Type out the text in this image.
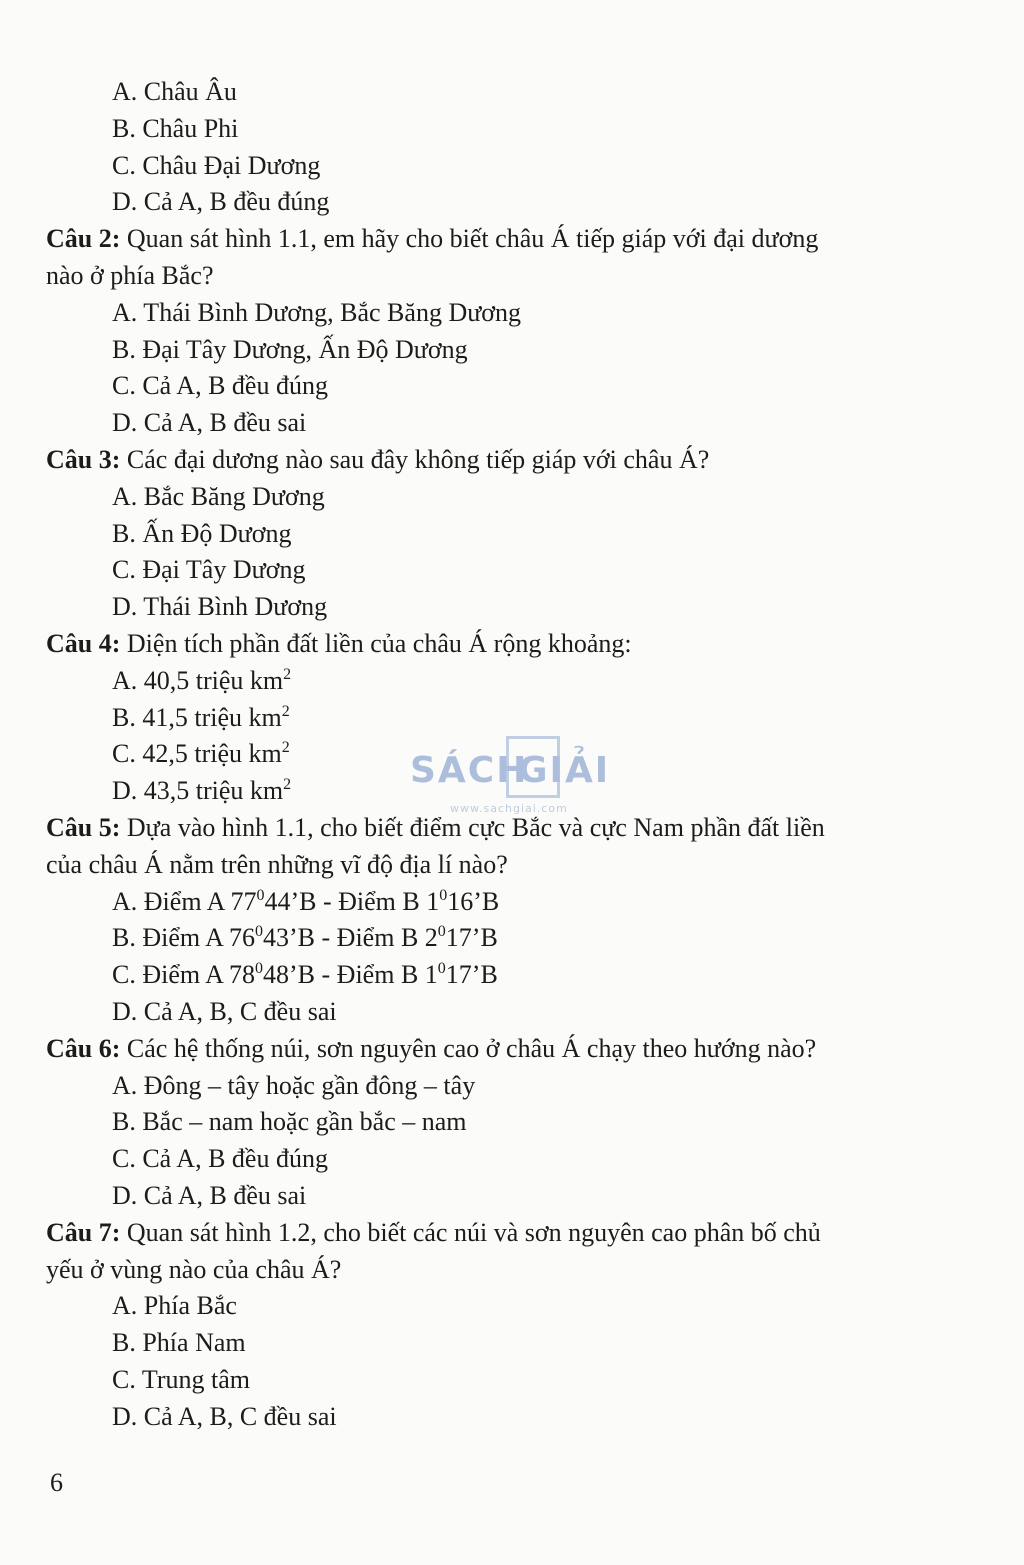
A. Châu Âu
B. Châu Phi
C. Châu Đại Dương
D. Cả A, B đều đúng
Câu 2: Quan sát hình 1.1, em hãy cho biết châu Á tiếp giáp với đại dương
nào ở phía Bắc?
A. Thái Bình Dương, Bắc Băng Dương
B. Đại Tây Dương, Ấn Độ Dương
C. Cả A, B đều đúng
D. Cả A, B đều sai
Câu 3: Các đại dương nào sau đây không tiếp giáp với châu Á?
A. Bắc Băng Dương
B. Ấn Độ Dương
C. Đại Tây Dương
D. Thái Bình Dương
Câu 4: Diện tích phần đất liền của châu Á rộng khoảng:
A. 40,5 triệu $km^2$
B. 41,5 triệu $km^2$
C. 42,5 triệu $km^2$
D. 43,5 triệu $km^2$
Câu 5: Dựa vào hình 1.1, cho biết điểm cực Bắc và cực Nam phần đất liền
của châu Á nằm trên những vĩ độ địa lí nào?
A. Điểm A $77^044’B$ - Điểm B $1^016’B$
B. Điểm A $76^043’B$ - Điểm B $2^017’B$
C. Điểm A $78^048’B$ - Điểm B $1^017’B$
D. Cả A, B, C đều sai
Câu 6: Các hệ thống núi, sơn nguyên cao ở châu Á chạy theo hướng nào?
A. Đông – tây hoặc gần đông – tây
B. Bắc – nam hoặc gần bắc – nam
C. Cả A, B đều đúng
D. Cả A, B đều sai
Câu 7: Quan sát hình 1.2, cho biết các núi và sơn nguyên cao phân bố chủ
yếu ở vùng nào của châu Á?
A. Phía Bắc
B. Phía Nam
C. Trung tâm
D. Cả A, B, C đều sai
SÁCH
GIẢI
www.sachgiai.com
6
